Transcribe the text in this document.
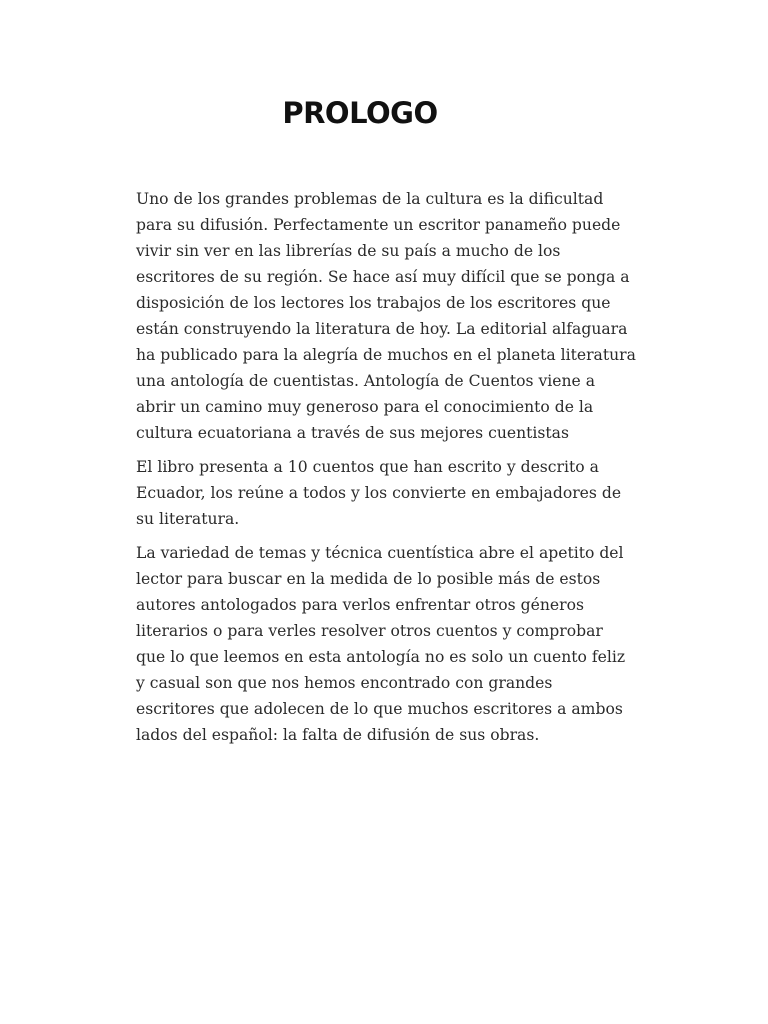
PROLOGO

Uno de los grandes problemas de la cultura es la dificultad para su difusión. Perfectamente un escritor panameño puede vivir sin ver en las librerías de su país a mucho de los escritores de su región. Se hace así muy difícil que se ponga a disposición de los lectores los trabajos de los escritores que están construyendo la literatura de hoy. La editorial alfaguara ha publicado para la alegría de muchos en el planeta literatura una antología de cuentistas. Antología de Cuentos viene a abrir un camino muy generoso para el conocimiento de la cultura ecuatoriana a través de sus mejores cuentistas

El libro presenta a 10 cuentos que han escrito y descrito a Ecuador, los reúne a todos y los convierte en embajadores de su literatura.

La variedad de temas y técnica cuentística abre el apetito del lector para buscar en la medida de lo posible más de estos autores antologados para verlos enfrentar otros géneros literarios o para verles resolver otros cuentos y comprobar que lo que leemos en esta antología no es solo un cuento feliz y casual son que nos hemos encontrado con grandes escritores que adolecen de lo que muchos escritores a ambos lados del español: la falta de difusión de sus obras.
